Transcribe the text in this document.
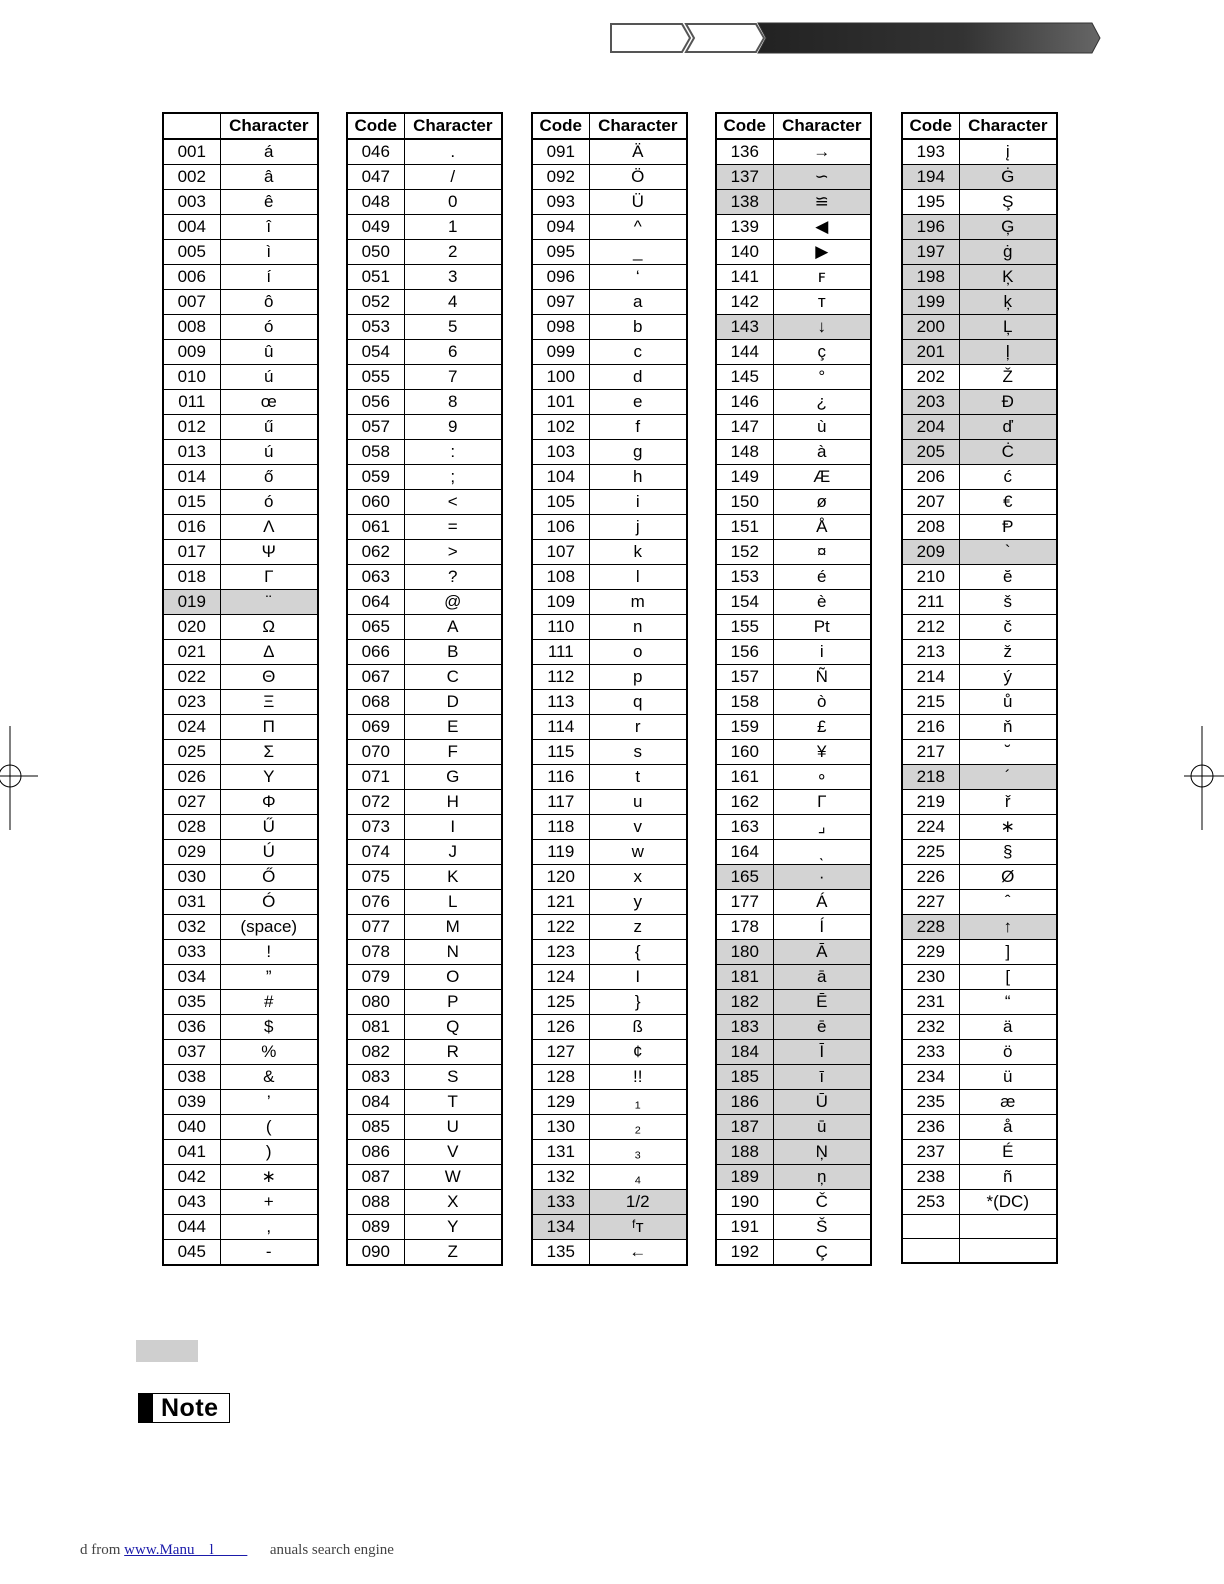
	Character
001	á
002	â
003	ê
004	î
005	ì
006	í
007	ô
008	ó
009	û
010	ú
011	œ
012	ű
013	ú
014	ő
015	ó
016	Λ
017	Ψ
018	Γ
019	¨
020	Ω
021	Δ
022	Θ
023	Ξ
024	Π
025	Σ
026	Υ
027	Φ
028	Ű
029	Ú
030	Ő
031	Ó
032	(space)
033	!
034	”
035	#
036	$
037	%
038	&
039	’
040	(
041	)
042	∗
043	+
044	,
045	-
Code	Character
046	.
047	/
048	0
049	1
050	2
051	3
052	4
053	5
054	6
055	7
056	8
057	9
058	:
059	;
060	<
061	=
062	>
063	?
064	@
065	A
066	B
067	C
068	D
069	E
070	F
071	G
072	H
073	I
074	J
075	K
076	L
077	M
078	N
079	O
080	P
081	Q
082	R
083	S
084	T
085	U
086	V
087	W
088	X
089	Y
090	Z
Code	Character
091	Ä
092	Ö
093	Ü
094	^
095	_
096	‘
097	a
098	b
099	c
100	d
101	e
102	f
103	g
104	h
105	i
106	j
107	k
108	l
109	m
110	n
111	o
112	p
113	q
114	r
115	s
116	t
117	u
118	v
119	w
120	x
121	y
122	z
123	{
124	I
125	}
126	ß
127	¢
128	!!
129	₁
130	₂
131	₃
132	₄
133	1/2
134	ᶠᴛ
135	←
Code	Character
136	→
137	∽
138	≌
139	◀
140	▶
141	ꜰ
142	ᴛ
143	↓
144	ç
145	°
146	¿
147	ù
148	à
149	Æ
150	ø
151	Å
152	¤
153	é
154	è
155	Pt
156	i
157	Ñ
158	ò
159	£
160	¥
161	∘
162	Γ
163	⌟
164	ˎ
165	·
177	Á
178	Í
180	Ā
181	ā
182	Ē
183	ē
184	Ī
185	ī
186	Ū
187	ū
188	Ņ
189	ņ
190	Č
191	Š
192	Ç
Code	Character
193	į
194	Ġ
195	Ş
196	Ģ
197	ġ
198	Ķ
199	ķ
200	Ļ
201	ļ
202	Ž
203	Đ
204	ď
205	Ċ
206	ć
207	€
208	Ᵽ
209	`
210	ĕ
211	š
212	č
213	ž
214	ý
215	ů
216	ň
217	˘
218	´
219	ř
224	∗
225	§
226	Ø
227	ˆ
228	↑
229	]
230	[
231	“
232	ä
233	ö
234	ü
235	æ
236	å
237	É
238	ñ
253	*(DC)

Note
d from www.Manu    l               anuals search engine
